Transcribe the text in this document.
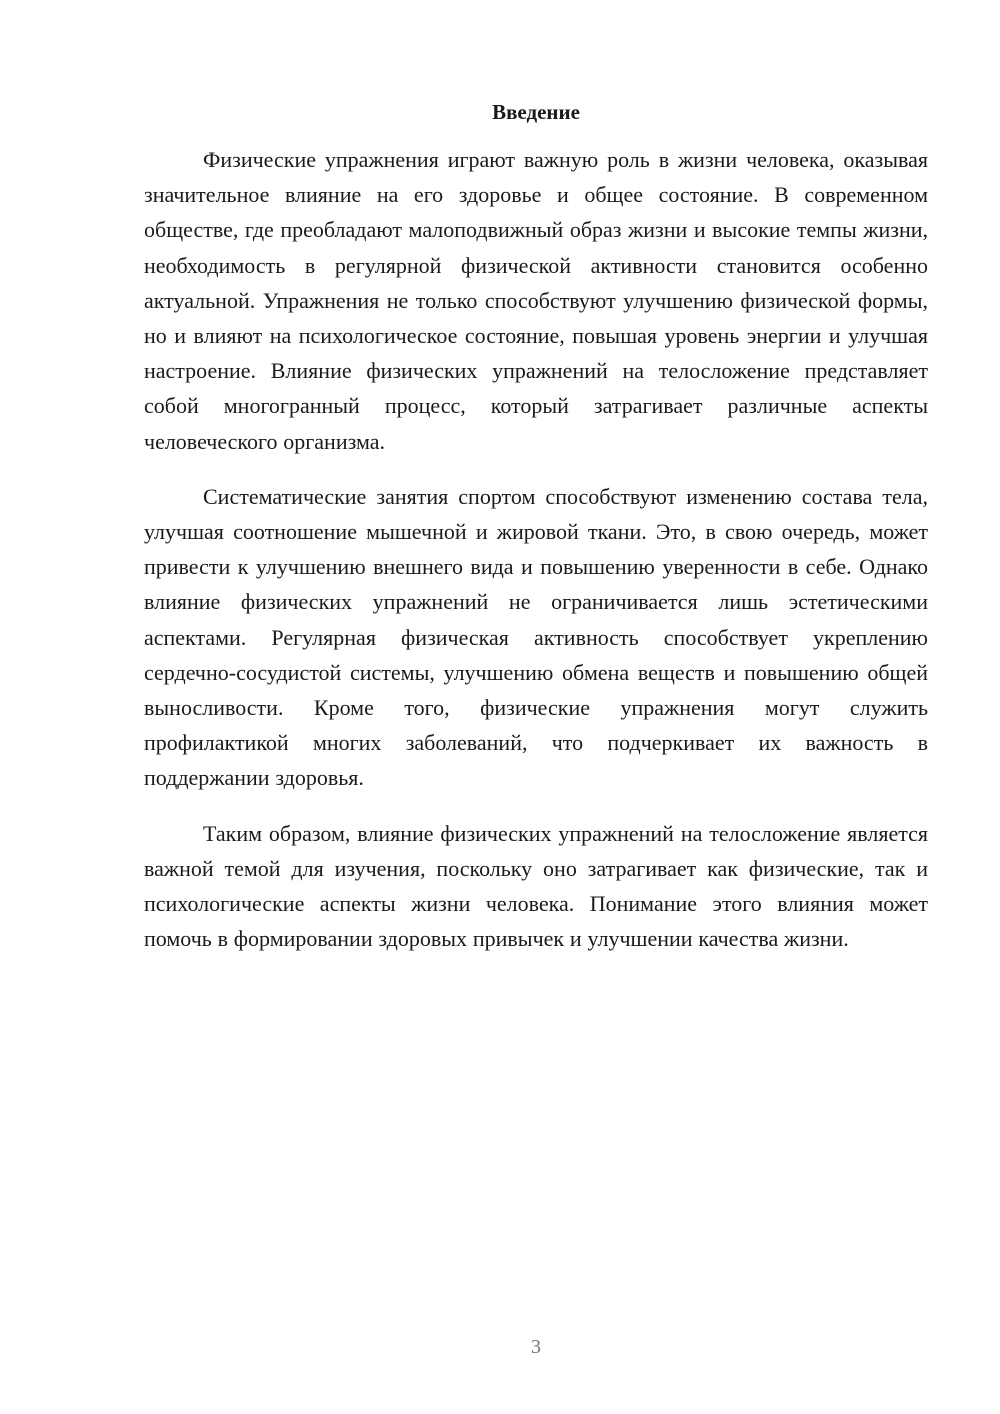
Введение

Физические упражнения играют важную роль в жизни человека, оказывая значительное влияние на его здоровье и общее состояние. В современном обществе, где преобладают малоподвижный образ жизни и высокие темпы жизни, необходимость в регулярной физической активности становится особенно актуальной. Упражнения не только способствуют улучшению физической формы, но и влияют на психологическое состояние, повышая уровень энергии и улучшая настроение. Влияние физических упражнений на телосложение представляет собой многогранный процесс, который затрагивает различные аспекты человеческого организма.

Систематические занятия спортом способствуют изменению состава тела, улучшая соотношение мышечной и жировой ткани. Это, в свою очередь, может привести к улучшению внешнего вида и повышению уверенности в себе. Однако влияние физических упражнений не ограничивается лишь эстетическими аспектами. Регулярная физическая активность способствует укреплению сердечно-сосудистой системы, улучшению обмена веществ и повышению общей выносливости. Кроме того, физические упражнения могут служить профилактикой многих заболеваний, что подчеркивает их важность в поддержании здоровья.

Таким образом, влияние физических упражнений на телосложение является важной темой для изучения, поскольку оно затрагивает как физические, так и психологические аспекты жизни человека. Понимание этого влияния может помочь в формировании здоровых привычек и улучшении качества жизни.

3
